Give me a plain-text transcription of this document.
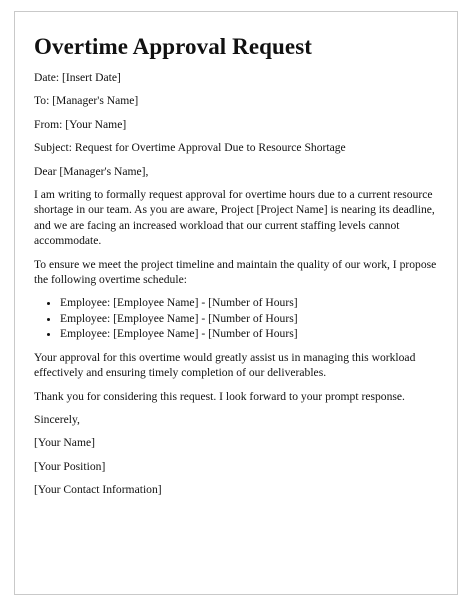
Overtime Approval Request

Date: [Insert Date]

To: [Manager's Name]

From: [Your Name]

Subject: Request for Overtime Approval Due to Resource Shortage

Dear [Manager's Name],

I am writing to formally request approval for overtime hours due to a current resource shortage in our team. As you are aware, Project [Project Name] is nearing its deadline, and we are facing an increased workload that our current staffing levels cannot accommodate.

To ensure we meet the project timeline and maintain the quality of our work, I propose the following overtime schedule:

• Employee: [Employee Name] - [Number of Hours]
• Employee: [Employee Name] - [Number of Hours]
• Employee: [Employee Name] - [Number of Hours]

Your approval for this overtime would greatly assist us in managing this workload effectively and ensuring timely completion of our deliverables.

Thank you for considering this request. I look forward to your prompt response.

Sincerely,

[Your Name]

[Your Position]

[Your Contact Information]
